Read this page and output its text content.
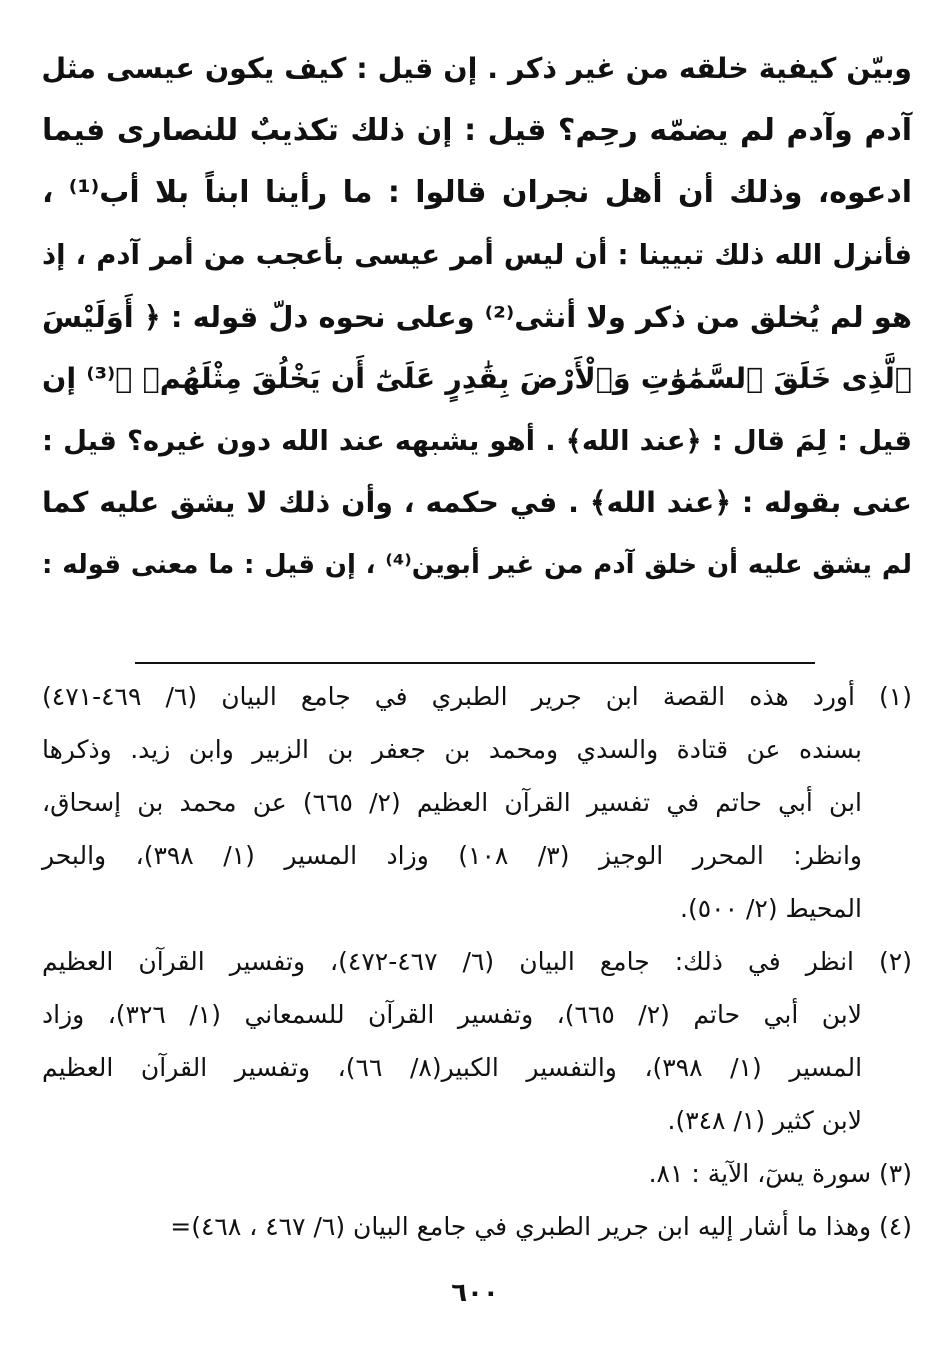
وبيّن كيفية خلقه من غير ذكر . إن قيل : كيف يكون عيسى مثل
آدم وآدم لم يضمّه رحِم؟ قيل : إن ذلك تكذيبٌ للنصارى فيما
ادعوه، وذلك أن أهل نجران قالوا : ما رأينا ابناً بلا أب⁽¹⁾ ،
فأنزل الله ذلك تبيينا : أن ليس أمر عيسى بأعجب من أمر آدم ، إذ
هو لم يُخلق من ذكر ولا أنثى⁽²⁾ وعلى نحوه دلّ قوله : ﴿ أَوَلَيْسَ
ٱلَّذِى خَلَقَ ٱلسَّمَٰوَٰتِ وَٱلْأَرْضَ بِقَٰدِرٍ عَلَىٰٓ أَن يَخْلُقَ مِثْلَهُمۚ ﴾⁽³⁾ إن
قيل : لِمَ قال : ﴿عند الله﴾ . أهو يشبهه عند الله دون غيره؟ قيل :
عنى بقوله : ﴿عند الله﴾ . في حكمه ، وأن ذلك لا يشق عليه كما
لم يشق عليه أن خلق آدم من غير أبوين⁽⁴⁾ ، إن قيل : ما معنى قوله :
(١) أورد هذه القصة ابن جرير الطبري في جامع البيان (٦/ ٤٦٩-٤٧١)
بسنده عن قتادة والسدي ومحمد بن جعفر بن الزبير وابن زيد. وذكرها
ابن أبي حاتم في تفسير القرآن العظيم (٢/ ٦٦٥) عن محمد بن إسحاق،
وانظر: المحرر الوجيز (٣/ ١٠٨) وزاد المسير (١/ ٣٩٨)، والبحر
المحيط (٢/ ٥٠٠).
(٢) انظر في ذلك: جامع البيان (٦/ ٤٦٧-٤٧٢)، وتفسير القرآن العظيم
لابن أبي حاتم (٢/ ٦٦٥)، وتفسير القرآن للسمعاني (١/ ٣٢٦)، وزاد
المسير (١/ ٣٩٨)، والتفسير الكبير(٨/ ٦٦)، وتفسير القرآن العظيم
لابن كثير (١/ ٣٤٨).
(٣) سورة يسٓ، الآية : ٨١.
(٤) وهذا ما أشار إليه ابن جرير الطبري في جامع البيان (٦/ ٤٦٧ ، ٤٦٨)=
٦٠٠
